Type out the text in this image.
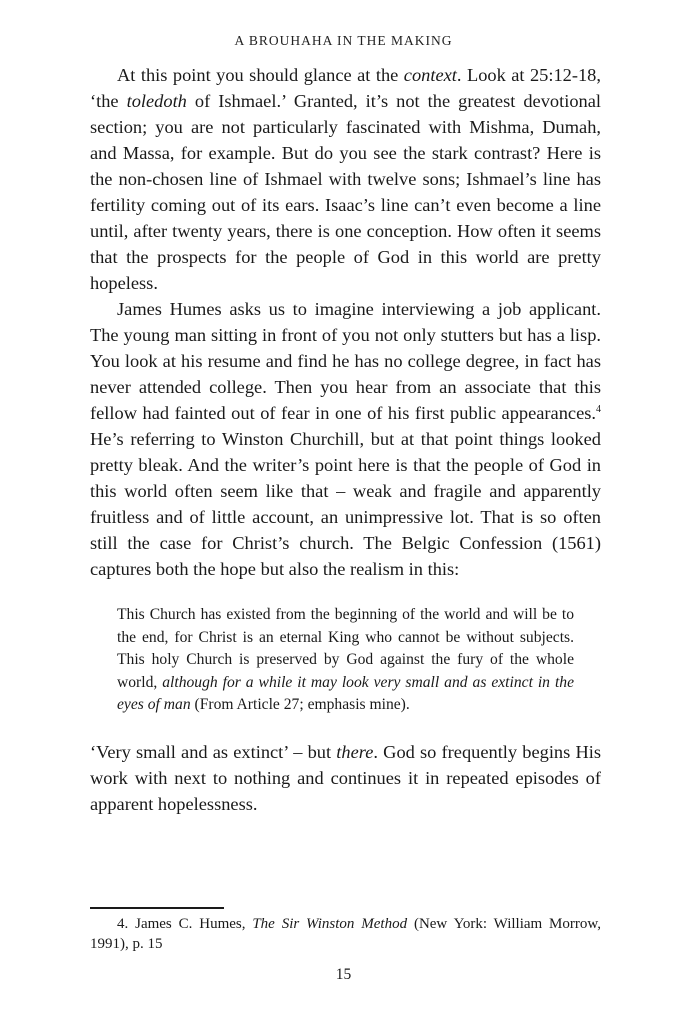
A BROUHAHA IN THE MAKING

At this point you should glance at the context. Look at 25:12-18, ‘the toledoth of Ishmael.’ Granted, it’s not the greatest devotional section; you are not particularly fascinated with Mishma, Dumah, and Massa, for example. But do you see the stark contrast? Here is the non-chosen line of Ishmael with twelve sons; Ishmael’s line has fertility coming out of its ears. Isaac’s line can’t even become a line until, after twenty years, there is one conception. How often it seems that the prospects for the people of God in this world are pretty hopeless.

James Humes asks us to imagine interviewing a job applicant. The young man sitting in front of you not only stutters but has a lisp. You look at his resume and find he has no college degree, in fact has never attended college. Then you hear from an associate that this fellow had fainted out of fear in one of his first public appearances.$^4$ He’s referring to Winston Churchill, but at that point things looked pretty bleak. And the writer’s point here is that the people of God in this world often seem like that – weak and fragile and apparently fruitless and of little account, an unimpressive lot. That is so often still the case for Christ’s church. The Belgic Confession (1561) captures both the hope but also the realism in this:

This Church has existed from the beginning of the world and will be to the end, for Christ is an eternal King who cannot be without subjects. This holy Church is preserved by God against the fury of the whole world, although for a while it may look very small and as extinct in the eyes of man (From Article 27; emphasis mine).

‘Very small and as extinct’ – but there. God so frequently begins His work with next to nothing and continues it in repeated episodes of apparent hopelessness.

4. James C. Humes, The Sir Winston Method (New York: William Morrow, 1991), p. 15

15
